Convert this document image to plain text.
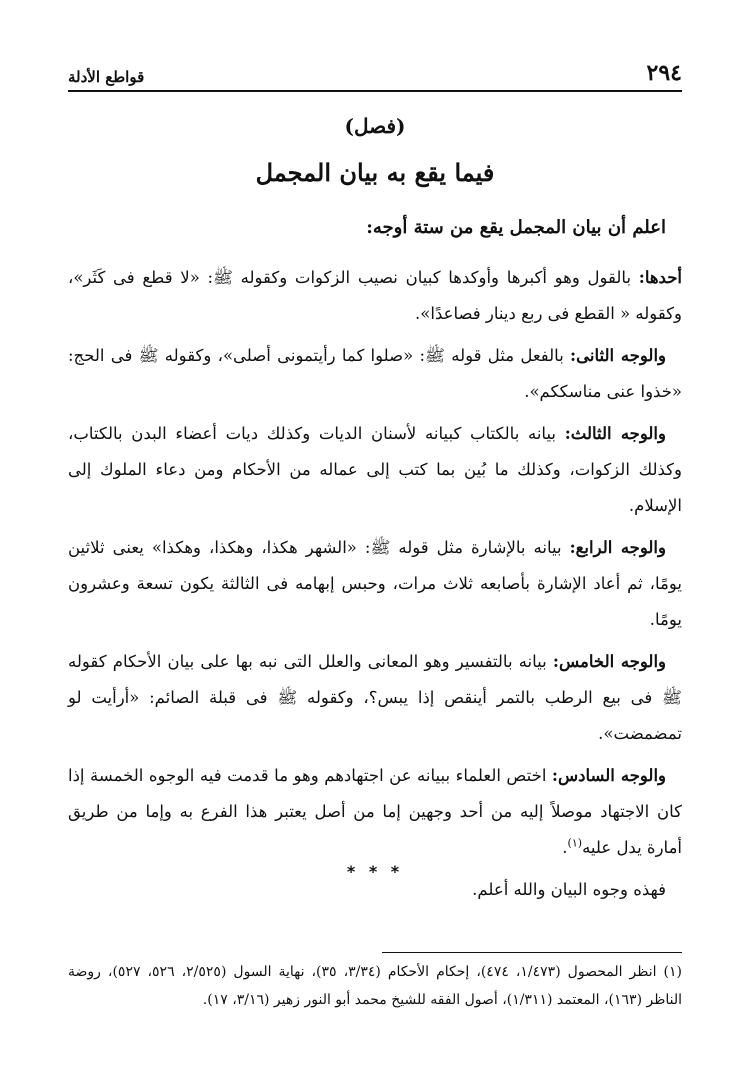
٢٩٤
قواطع الأدلة
(فصل)
فيما يقع به بيان المجمل

اعلم أن بيان المجمل يقع من ستة أوجه:

أحدها: بالقول وهو أكبرها وأوكدها كبيان نصيب الزكوات وكقوله ﷺ: «لا قطع فى كَثَر»، وكقوله « القطع فى ربع دينار فصاعدًا».

والوجه الثانى: بالفعل مثل قوله ﷺ: «صلوا كما رأيتمونى أصلى»، وكقوله ﷺ فى الحج: «خذوا عنى مناسككم».

والوجه الثالث: بيانه بالكتاب كبيانه لأسنان الديات وكذلك ديات أعضاء البدن بالكتاب، وكذلك الزكوات، وكذلك ما بُين بما كتب إلى عماله من الأحكام ومن دعاء الملوك إلى الإسلام.

والوجه الرابع: بيانه بالإشارة مثل قوله ﷺ: «الشهر هكذا، وهكذا، وهكذا» يعنى ثلاثين يومًا، ثم أعاد الإشارة بأصابعه ثلاث مرات، وحبس إبهامه فى الثالثة يكون تسعة وعشرون يومًا.

والوجه الخامس: بيانه بالتفسير وهو المعانى والعلل التى نبه بها على بيان الأحكام كقوله ﷺ فى بيع الرطب بالتمر أينقص إذا يبس؟، وكقوله ﷺ فى قبلة الصائم: «أرأيت لو تمضمضت».

والوجه السادس: اختص العلماء ببيانه عن اجتهادهم وهو ما قدمت فيه الوجوه الخمسة إذا كان الاجتهاد موصلاً إليه من أحد وجهين إما من أصل يعتبر هذا الفرع به وإما من طريق أمارة يدل عليه$^{(١)}$.

فهذه وجوه البيان والله أعلم.

* * *

(١) انظر المحصول (١/٤٧٣، ٤٧٤)، إحكام الأحكام (٣/٣٤، ٣٥)، نهاية السول (٢/٥٢٥، ٥٢٦، ٥٢٧)، روضة الناظر (١٦٣)، المعتمد (١/٣١١)، أصول الفقه للشيخ محمد أبو النور زهير (٣/١٦، ١٧).
